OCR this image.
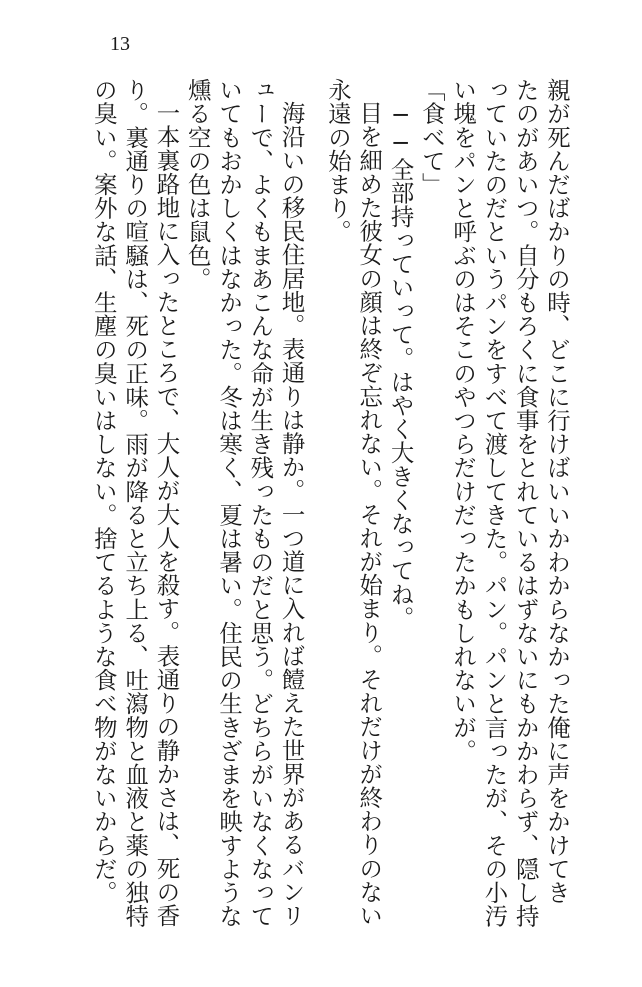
13

親が死んだばかりの時、どこに行けばいいかわからなかった俺に声をかけてき

たのがあいつ。自分もろくに食事をとれているはずないにもかかわらず、隠し持

っていたのだというパンをすべて渡してきた。パン。パンと言ったが、その小汚

い塊をパンと呼ぶのはそこのやつらだけだったかもしれないが。

「食べて」

──全部持っていって。はやく大きくなってね。

目を細めた彼女の顔は終ぞ忘れない。それが始まり。それだけが終わりのない

永遠の始まり。

海沿いの移民住居地。表通りは静か。一つ道に入れば饐えた世界があるバンリ

ューで、よくもまあこんな命が生き残ったものだと思う。どちらがいなくなって

いてもおかしくはなかった。冬は寒く、夏は暑い。住民の生きざまを映すような

燻る空の色は鼠色。

一本裏路地に入ったところで、大人が大人を殺す。表通りの静かさは、死の香

り。裏通りの喧騒は、死の正味。雨が降ると立ち上る、吐瀉物と血液と薬の独特

の臭い。案外な話、生塵の臭いはしない。捨てるような食べ物がないからだ。
